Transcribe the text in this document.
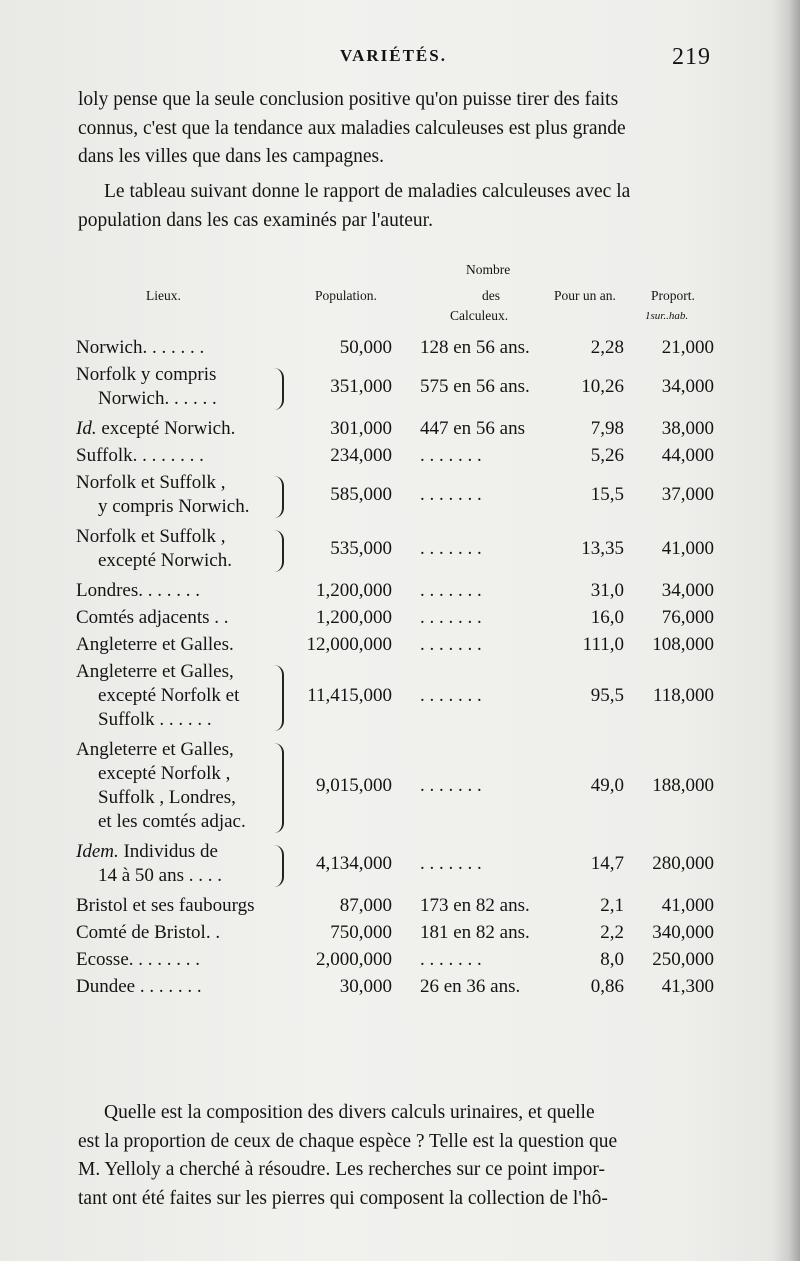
VARIÉTÉS.	219
loly pense que la seule conclusion positive qu'on puisse tirer des faits
connus, c'est que la tendance aux maladies calculeuses est plus grande
dans les villes que dans les campagnes.
Le tableau suivant donne le rapport de maladies calculeuses avec la
population dans les cas examinés par l'auteur.
Lieux.	Population.
Nombre
des
Calculeux.
Pour un an.	Proport.
1sur..hab.
Norwich. . . . . . .	50,000 128 en 56 ans.	2,28 21,000
Norfolk y compris
Norwich. . . . . .
351,000 575 en 56 ans.	10,26 34,000
Id. excepté Norwich.	301,000 447 en 56 ans	7,98 38,000
Suffolk. . . . . . . .	234,000 . . . . . . .	5,26 44,000
Norfolk et Suffolk ,
y compris Norwich.
585,000 . . . . . . .	15,5 37,000
Norfolk et Suffolk ,
excepté Norwich.
535,000 . . . . . . .	13,35 41,000
Londres. . . . . . .	1,200,000 . . . . . . .	31,0 34,000
Comtés adjacents . .	1,200,000 . . . . . . .	16,0 76,000
Angleterre et Galles.	12,000,000 . . . . . . .	111,0 108,000
Angleterre et Galles,
excepté Norfolk et
Suffolk . . . . . .
11,415,000 . . . . . . .	95,5 118,000
Angleterre et Galles,
excepté Norfolk ,
Suffolk , Londres,
et les comtés adjac.
9,015,000 . . . . . . .	49,0 188,000
Idem. Individus de
14 à 50 ans . . . .
4,134,000 . . . . . . .	14,7 280,000
Bristol et ses faubourgs	87,000 173 en 82 ans.	2,1 41,000
Comté de Bristol. .	750,000 181 en 82 ans.	2,2 340,000
Ecosse. . . . . . . .	2,000,000 . . . . . . .	8,0 250,000
Dundee . . . . . . .	30,000 26 en 36 ans.	0,86 41,300
Quelle est la composition des divers calculs urinaires, et quelle
est la proportion de ceux de chaque espèce ? Telle est la question que
M. Yelloly a cherché à résoudre. Les recherches sur ce point impor-
tant ont été faites sur les pierres qui composent la collection de l'hô-
